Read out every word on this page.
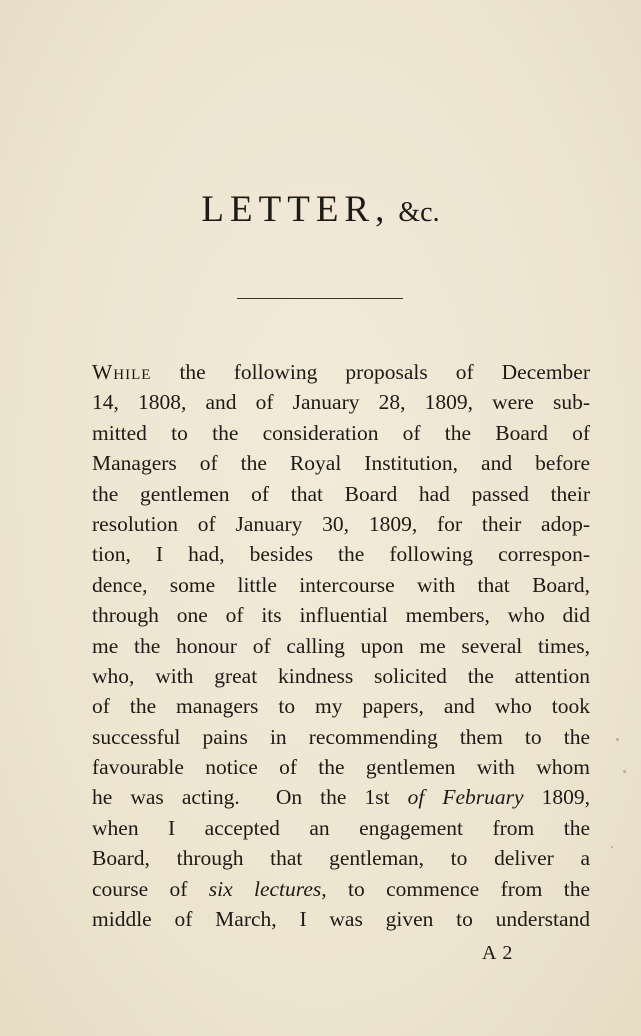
LETTER, &c.
While the following proposals of December
14, 1808, and of January 28, 1809, were sub-
mitted to the consideration of the Board of
Managers of the Royal Institution, and before
the gentlemen of that Board had passed their
resolution of January 30, 1809, for their adop-
tion, I had, besides the following correspon-
dence, some little intercourse with that Board,
through one of its influential members, who did
me the honour of calling upon me several times,
who, with great kindness solicited the attention
of the managers to my papers, and who took
successful pains in recommending them to the
favourable notice of the gentlemen with whom
he was acting.  On the 1st of February 1809,
when I accepted an engagement from the
Board, through that gentleman, to deliver a
course of six lectures, to commence from the
middle of March, I was given to understand
A 2
